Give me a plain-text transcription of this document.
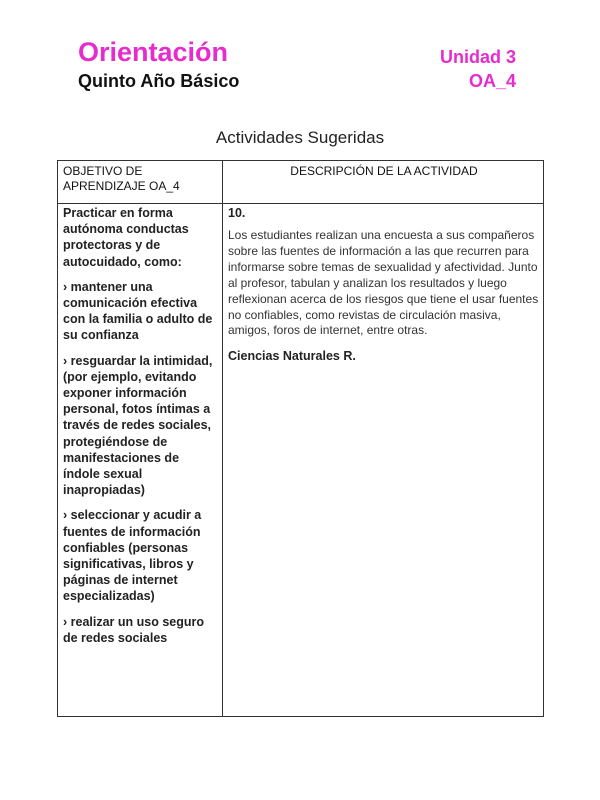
Orientación
Quinto Año Básico
Unidad 3
OA_4
Actividades Sugeridas
OBJETIVO DE APRENDIZAJE OA_4
DESCRIPCIÓN DE LA ACTIVIDAD

Practicar en forma autónoma conductas protectoras y de autocuidado, como:

› mantener una comunicación efectiva con la familia o adulto de su confianza

› resguardar la intimidad, (por ejemplo, evitando exponer información personal, fotos íntimas a través de redes sociales, protegiéndose de manifestaciones de índole sexual inapropiadas)

› seleccionar y acudir a fuentes de información confiables (personas significativas, libros y páginas de internet especializadas)

› realizar un uso seguro de redes sociales

10.

Los estudiantes realizan una encuesta a sus compañeros sobre las fuentes de información a las que recurren para informarse sobre temas de sexualidad y afectividad. Junto al profesor, tabulan y analizan los resultados y luego reflexionan acerca de los riesgos que tiene el usar fuentes no confiables, como revistas de circulación masiva, amigos, foros de internet, entre otras.

Ciencias Naturales R.
